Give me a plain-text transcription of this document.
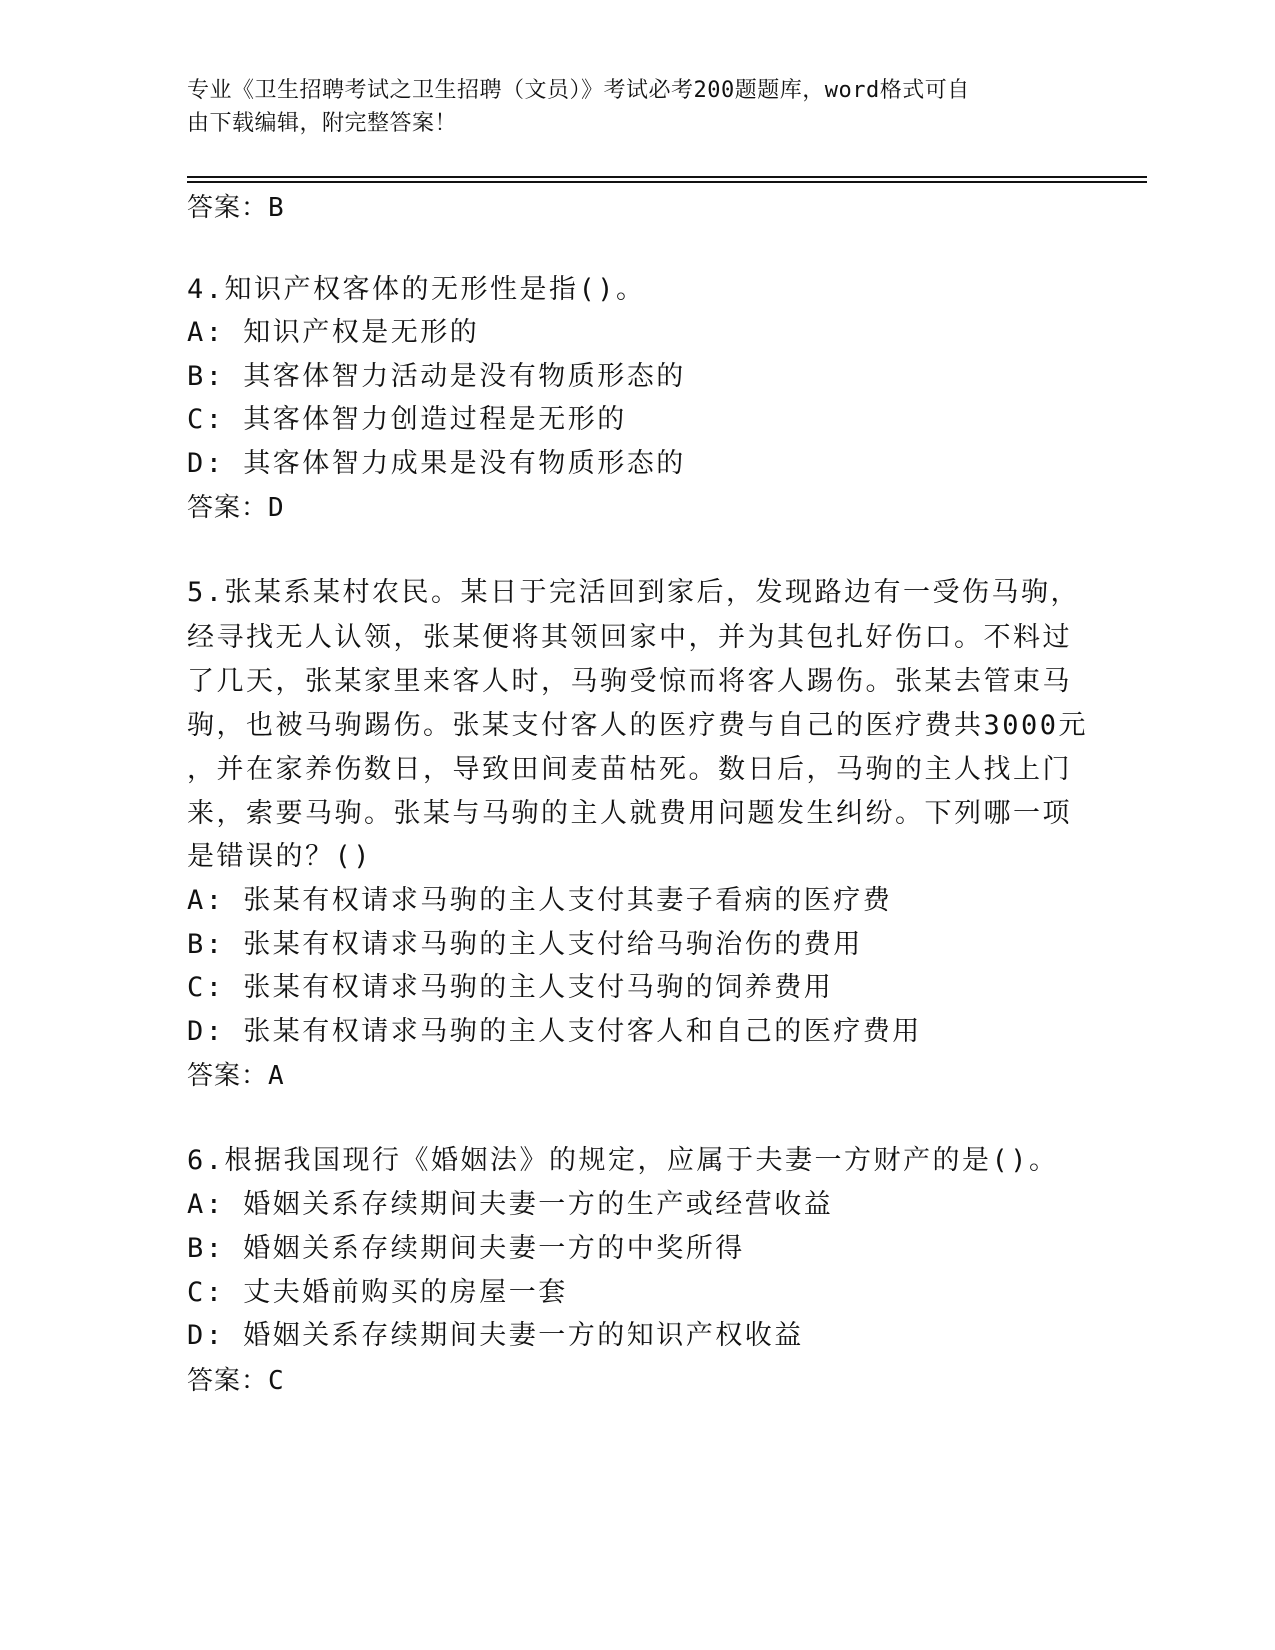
专业《卫生招聘考试之卫生招聘（文员）》考试必考200题题库，word格式可自
由下载编辑，附完整答案！
答案：B
4.知识产权客体的无形性是指()。
A: 知识产权是无形的
B: 其客体智力活动是没有物质形态的
C: 其客体智力创造过程是无形的
D: 其客体智力成果是没有物质形态的
答案：D
5.张某系某村农民。某日于完活回到家后，发现路边有一受伤马驹，
经寻找无人认领，张某便将其领回家中，并为其包扎好伤口。不料过
了几天，张某家里来客人时，马驹受惊而将客人踢伤。张某去管束马
驹，也被马驹踢伤。张某支付客人的医疗费与自己的医疗费共3000元
，并在家养伤数日，导致田间麦苗枯死。数日后，马驹的主人找上门
来，索要马驹。张某与马驹的主人就费用问题发生纠纷。下列哪一项
是错误的？()
A: 张某有权请求马驹的主人支付其妻子看病的医疗费
B: 张某有权请求马驹的主人支付给马驹治伤的费用
C: 张某有权请求马驹的主人支付马驹的饲养费用
D: 张某有权请求马驹的主人支付客人和自己的医疗费用
答案：A
6.根据我国现行《婚姻法》的规定，应属于夫妻一方财产的是()。
A: 婚姻关系存续期间夫妻一方的生产或经营收益
B: 婚姻关系存续期间夫妻一方的中奖所得
C: 丈夫婚前购买的房屋一套
D: 婚姻关系存续期间夫妻一方的知识产权收益
答案：C
